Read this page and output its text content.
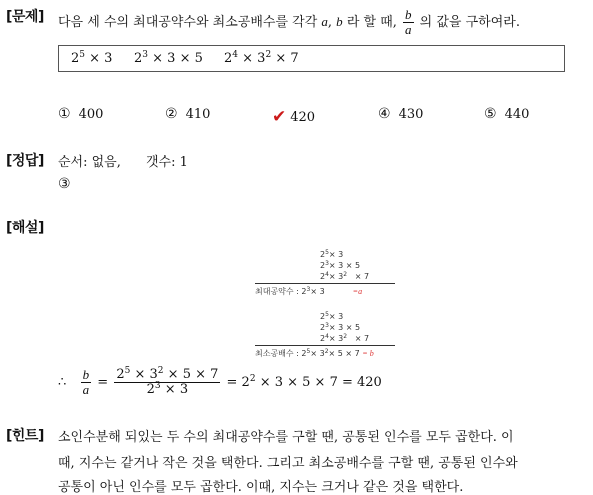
[문제] 다음 세 수의 최대공약수와 최소공배수를 각각 a, b 라 할 때, $\frac{b}{a}$ 의 값을 구하여라.
$2^5 \times 3$ $2^3 \times 3 \times 5$ $2^4 \times 3^2 \times 7$
① 400	② 410	✔ 420	④ 430	⑤ 440
[정답] 순서: 없음, 갯수: 1
③
[해설]
$2^5\times 3$
$2^3\times 3 \times 5$
$2^4\times 3^2 \times 7$
최대공약수 : $2^3\times 3$           =a
$2^5\times 3$
$2^3\times 3 \times 5$
$2^4\times 3^2 \times 7$
최소공배수 : $2^5\times 3^2\times 5 \times 7 = b$
∴ $\frac{b}{a} = \frac{2^5 \times 3^2 \times 5 \times 7}{2^3 \times 3} = 2^2 \times 3 \times 5 \times 7 = 420$
[힌트] 소인수분해 되있는 두 수의 최대공약수를 구할 땐, 공통된 인수를 모두 곱한다. 이
때, 지수는 같거나 작은 것을 택한다. 그리고 최소공배수를 구할 땐, 공통된 인수와
공통이 아닌 인수를 모두 곱한다. 이때, 지수는 크거나 같은 것을 택한다.
